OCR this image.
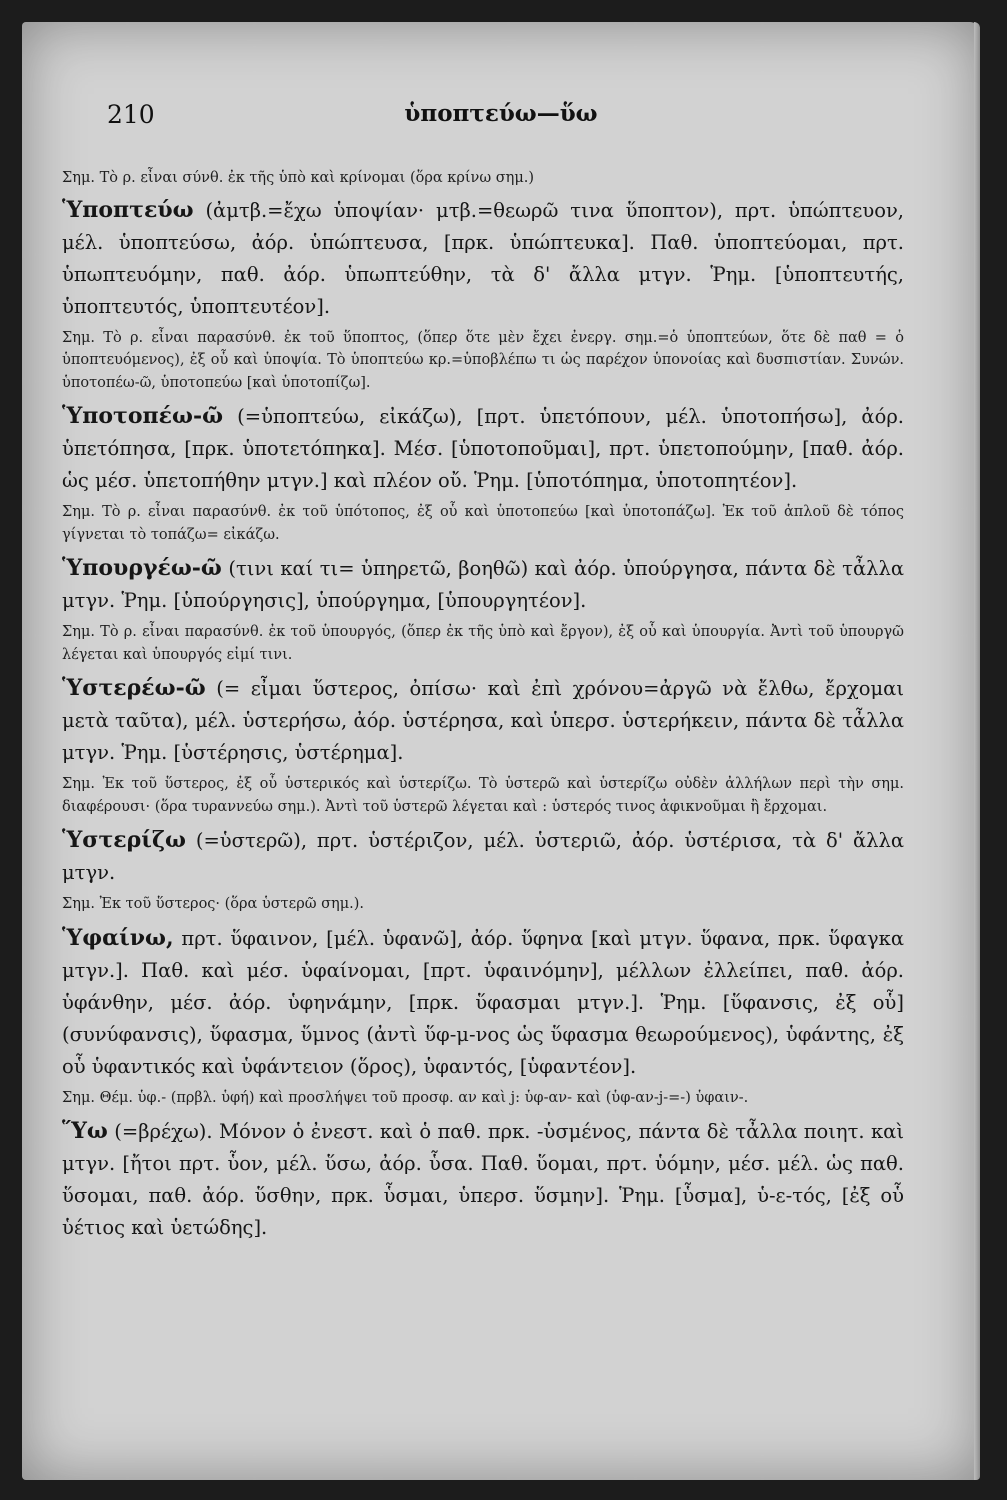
210	ὑποπτεύω—ὕω

Σημ. Τὸ ρ. εἶναι σύνθ. ἐκ τῆς ὑπὸ καὶ κρίνομαι (ὅρα κρίνω σημ.)

Ὑποπτεύω (ἀμτβ.=ἔχω ὑποψίαν· μτβ.=θεωρῶ τινα ὕποπτον), πρτ. ὑπώπτευον, μέλ. ὑποπτεύσω, ἀόρ. ὑπώπτευσα, [πρκ. ὑπώπτευκα]. Παθ. ὑποπτεύομαι, πρτ. ὑπωπτευόμην, παθ. ἀόρ. ὑπωπτεύθην, τὰ δ' ἄλλα μτγν. Ῥημ. [ὑποπτευτής, ὑποπτευτός, ὑποπτευτέον].

Σημ. Τὸ ρ. εἶναι παρασύνθ. ἐκ τοῦ ὕποπτος, (ὅπερ ὅτε μὲν ἔχει ἐνεργ. σημ.=ὁ ὑποπτεύων, ὅτε δὲ παθ = ὁ ὑποπτευόμενος), ἐξ οὗ καὶ ὑποψία. Τὸ ὑποπτεύω κρ.=ὑποβλέπω τι ὡς παρέχον ὑπονοίας καὶ δυσπιστίαν. Συνών. ὑποτοπέω-ῶ, ὑποτοπεύω [καὶ ὑποτοπίζω].

Ὑποτοπέω-ῶ (=ὑποπτεύω, εἰκάζω), [πρτ. ὑπετόπουν, μέλ. ὑποτοπήσω], ἀόρ. ὑπετόπησα, [πρκ. ὑποτετόπηκα]. Μέσ. [ὑποτοποῦμαι], πρτ. ὑπετοπούμην, [παθ. ἀόρ. ὡς μέσ. ὑπετοπήθην μτγν.] καὶ πλέον οὔ. Ῥημ. [ὑποτόπημα, ὑποτοπητέον].

Σημ. Τὸ ρ. εἶναι παρασύνθ. ἐκ τοῦ ὑπότοπος, ἐξ οὗ καὶ ὑποτοπεύω [καὶ ὑποτοπάζω]. Ἐκ τοῦ ἁπλοῦ δὲ τόπος γίγνεται τὸ τοπάζω= εἰκάζω.

Ὑπουργέω-ῶ (τινι καί τι= ὑπηρετῶ, βοηθῶ) καὶ ἀόρ. ὑπούργησα, πάντα δὲ τἆλλα μτγν. Ῥημ. [ὑπούργησις], ὑπούργημα, [ὑπουργητέον].

Σημ. Τὸ ρ. εἶναι παρασύνθ. ἐκ τοῦ ὑπουργός, (ὅπερ ἐκ τῆς ὑπὸ καὶ ἔργον), ἐξ οὗ καὶ ὑπουργία. Ἀντὶ τοῦ ὑπουργῶ λέγεται καὶ ὑπουργός εἰμί τινι.

Ὑστερέω-ῶ (= εἶμαι ὕστερος, ὀπίσω· καὶ ἐπὶ χρόνου=ἀργῶ νὰ ἔλθω, ἔρχομαι μετὰ ταῦτα), μέλ. ὑστερήσω, ἀόρ. ὑστέρησα, καὶ ὑπερσ. ὑστερήκειν, πάντα δὲ τἆλλα μτγν. Ῥημ. [ὑστέρησις, ὑστέρημα].

Σημ. Ἐκ τοῦ ὕστερος, ἐξ οὗ ὑστερικός καὶ ὑστερίζω. Τὸ ὑστερῶ καὶ ὑστερίζω οὐδὲν ἀλλήλων περὶ τὴν σημ. διαφέρουσι· (ὅρα τυραννεύω σημ.). Ἀντὶ τοῦ ὑστερῶ λέγεται καὶ : ὑστερός τινος ἀφικνοῦμαι ἢ ἔρχομαι.

Ὑστερίζω (=ὑστερῶ), πρτ. ὑστέριζον, μέλ. ὑστεριῶ, ἀόρ. ὑστέρισα, τὰ δ' ἄλλα μτγν.

Σημ. Ἐκ τοῦ ὕστερος· (ὅρα ὑστερῶ σημ.).

Ὑφαίνω, πρτ. ὕφαινον, [μέλ. ὑφανῶ], ἀόρ. ὕφηνα [καὶ μτγν. ὕφανα, πρκ. ὕφαγκα μτγν.]. Παθ. καὶ μέσ. ὑφαίνομαι, [πρτ. ὑφαινόμην], μέλλων ἐλλείπει, παθ. ἀόρ. ὑφάνθην, μέσ. ἀόρ. ὑφηνάμην, [πρκ. ὕφασμαι μτγν.]. Ῥημ. [ὕφανσις, ἐξ οὗ] (συνύφανσις), ὕφασμα, ὕμνος (ἀντὶ ὕφ-μ-νος ὡς ὕφασμα θεωρούμενος), ὑφάντης, ἐξ οὗ ὑφαντικός καὶ ὑφάντειον (ὅρος), ὑφαντός, [ὑφαντέον].

Σημ. Θέμ. ὑφ.- (πρβλ. ὑφή) καὶ προσλήψει τοῦ προσφ. αν καὶ j: ὑφ-αν- καὶ (ὑφ-αν-j-=-) ὑφαιν-.

Ὕω (=βρέχω). Μόνον ὁ ἐνεστ. καὶ ὁ παθ. πρκ. -ὑσμένος, πάντα δὲ τἆλλα ποιητ. καὶ μτγν. [ἤτοι πρτ. ὗον, μέλ. ὕσω, ἀόρ. ὗσα. Παθ. ὕομαι, πρτ. ὑόμην, μέσ. μέλ. ὡς παθ. ὕσομαι, παθ. ἀόρ. ὕσθην, πρκ. ὗσμαι, ὑπερσ. ὕσμην]. Ῥημ. [ὗσμα], ὑ-ε-τός, [ἐξ οὗ ὑέτιος καὶ ὑετώδης].
